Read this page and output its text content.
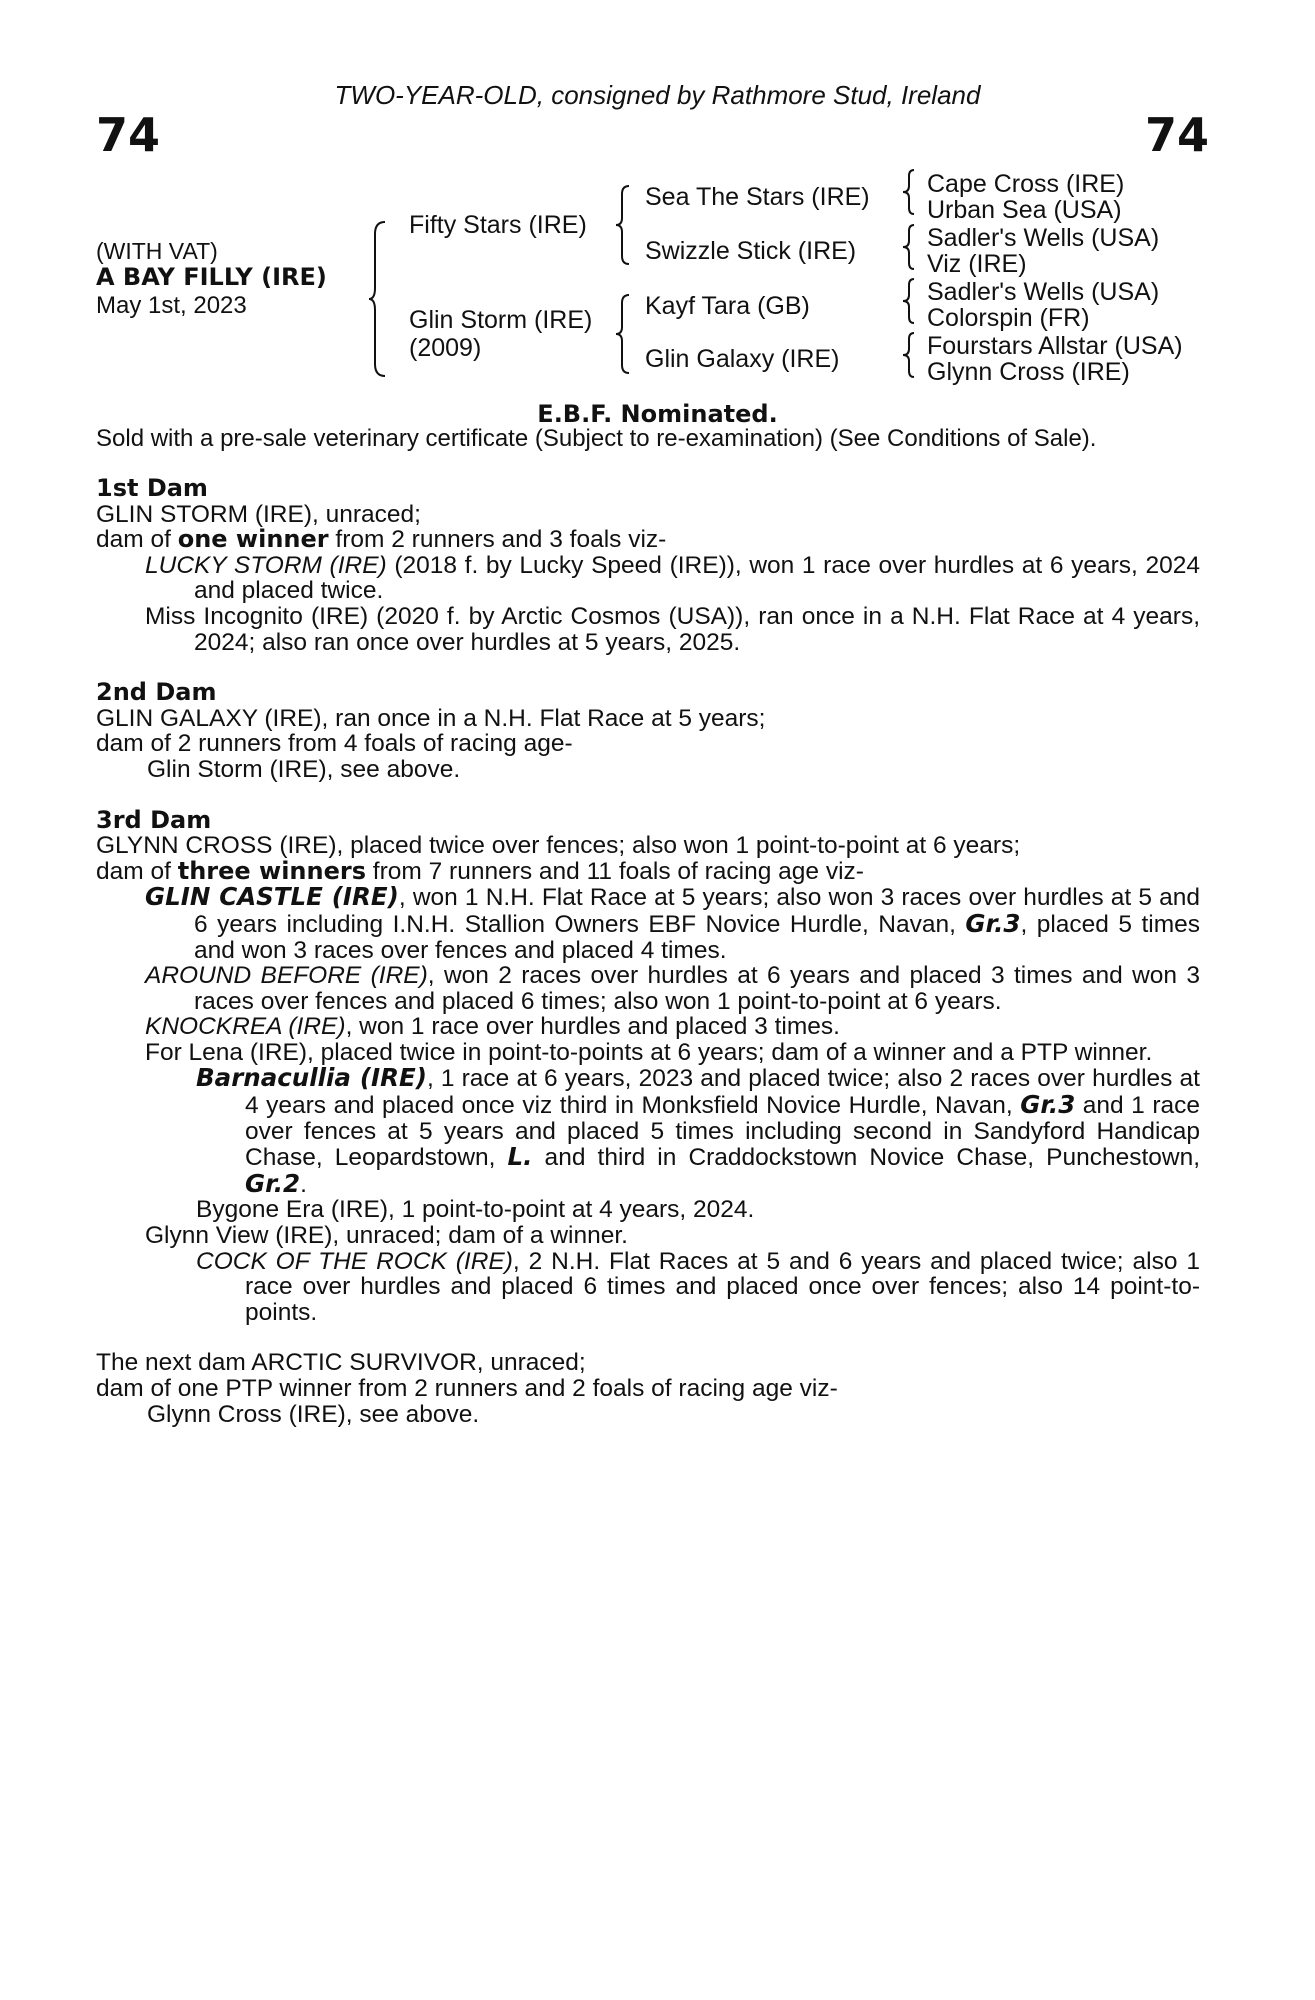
TWO-YEAR-OLD, consigned by Rathmore Stud, Ireland
74	74
(WITH VAT)
A BAY FILLY (IRE)
May 1st, 2023
Fifty Stars (IRE)
Glin Storm (IRE)
(2009)
Sea The Stars (IRE)
Swizzle Stick (IRE)
Kayf Tara (GB)
Glin Galaxy (IRE)
Cape Cross (IRE)
Urban Sea (USA)
Sadler's Wells (USA)
Viz (IRE)
Sadler's Wells (USA)
Colorspin (FR)
Fourstars Allstar (USA)
Glynn Cross (IRE)
E.B.F. Nominated.
Sold with a pre-sale veterinary certificate (Subject to re-examination) (See Conditions of Sale).

1st Dam

GLIN STORM (IRE), unraced;

dam of one winner from 2 runners and 3 foals viz-

LUCKY STORM (IRE) (2018 f. by Lucky Speed (IRE)), won 1 race over hurdles at 6 years, 2024 and placed twice.

Miss Incognito (IRE) (2020 f. by Arctic Cosmos (USA)), ran once in a N.H. Flat Race at 4 years, 2024; also ran once over hurdles at 5 years, 2025.

2nd Dam

GLIN GALAXY (IRE), ran once in a N.H. Flat Race at 5 years;

dam of 2 runners from 4 foals of racing age-

Glin Storm (IRE), see above.

3rd Dam

GLYNN CROSS (IRE), placed twice over fences; also won 1 point-to-point at 6 years;

dam of three winners from 7 runners and 11 foals of racing age viz-

GLIN CASTLE (IRE), won 1 N.H. Flat Race at 5 years; also won 3 races over hurdles at 5 and 6 years including I.N.H. Stallion Owners EBF Novice Hurdle, Navan, Gr.3, placed 5 times and won 3 races over fences and placed 4 times.

AROUND BEFORE (IRE), won 2 races over hurdles at 6 years and placed 3 times and won 3 races over fences and placed 6 times; also won 1 point-to-point at 6 years.

KNOCKREA (IRE), won 1 race over hurdles and placed 3 times.

For Lena (IRE), placed twice in point-to-points at 6 years; dam of a winner and a PTP winner.

Barnacullia (IRE), 1 race at 6 years, 2023 and placed twice; also 2 races over hurdles at 4 years and placed once viz third in Monksfield Novice Hurdle, Navan, Gr.3 and 1 race over fences at 5 years and placed 5 times including second in Sandyford Handicap Chase, Leopardstown, L. and third in Craddockstown Novice Chase, Punchestown, Gr.2.

Bygone Era (IRE), 1 point-to-point at 4 years, 2024.

Glynn View (IRE), unraced; dam of a winner.

COCK OF THE ROCK (IRE), 2 N.H. Flat Races at 5 and 6 years and placed twice; also 1 race over hurdles and placed 6 times and placed once over fences; also 14 point-to-points.

The next dam ARCTIC SURVIVOR, unraced;

dam of one PTP winner from 2 runners and 2 foals of racing age viz-

Glynn Cross (IRE), see above.
